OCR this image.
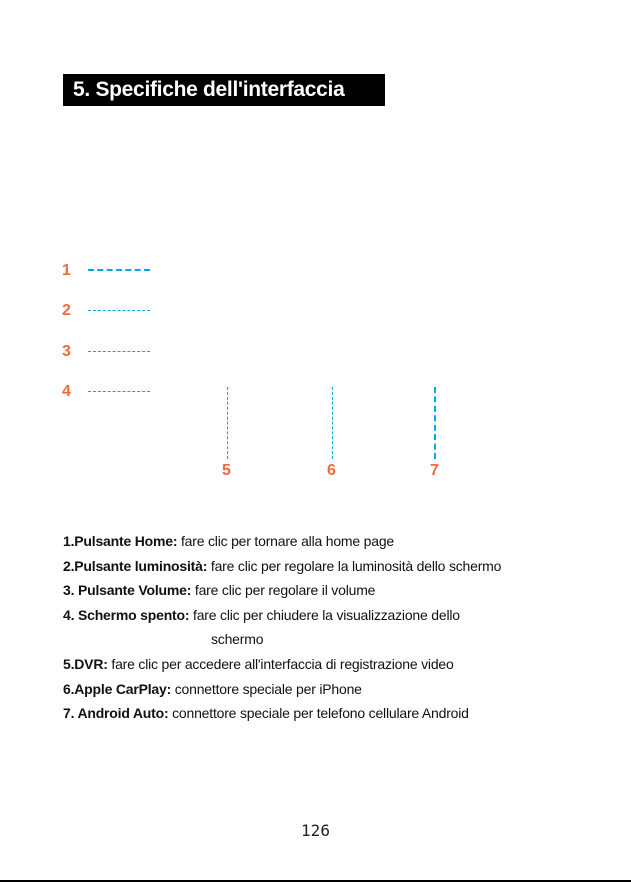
5. Specifiche dell'interfaccia
1
2
3
4
5	6	7
1.Pulsante Home: fare clic per tornare alla home page
2.Pulsante luminosità: fare clic per regolare la luminosità dello schermo
3. Pulsante Volume: fare clic per regolare il volume
4. Schermo spento: fare clic per chiudere la visualizzazione dello
schermo
5.DVR: fare clic per accedere all'interfaccia di registrazione video
6.Apple CarPlay: connettore speciale per iPhone
7. Android Auto: connettore speciale per telefono cellulare Android
126
